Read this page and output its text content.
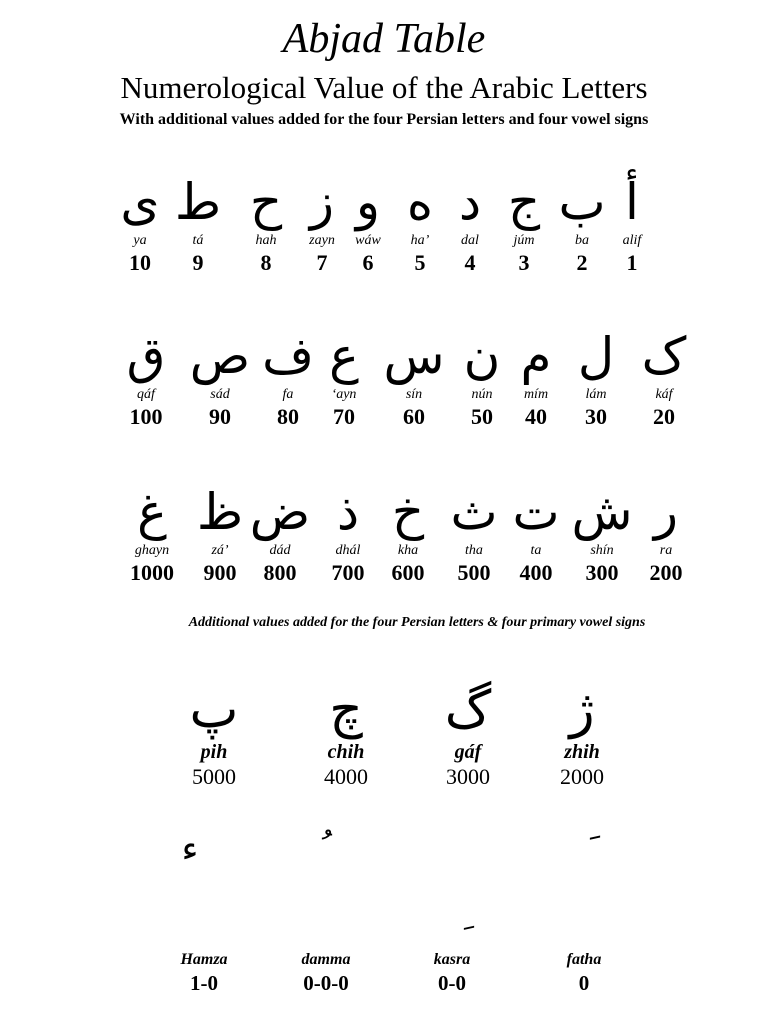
Abjad Table
Numerological Value of the Arabic Letters
With additional values added for the four Persian letters and four vowel signs
ى
ya
10
ط
tá
9
ح
hah
8
ز
zayn
7
و
wáw
6
ه
ha’
5
د
dal
4
ج
júm
3
ب
ba
2
أ
alif
1
ق
qáf
100
ص
sád
90
ف
fa
80
ع
‘ayn
70
س
sín
60
ن
nún
50
م
mím
40
ل
lám
30
ک
káf
20
غ
ghayn
1000
ظ
zá’
900
ض
dád
800
ذ
dhál
700
خ
kha
600
ث
tha
500
ت
ta
400
ش
shín
300
ر
ra
200
Additional values added for the four Persian letters & four primary vowel signs
پ
pih
5000
چ
chih
4000
گ
gáf
3000
ژ
zhih
2000
ء
Hamza
1-0
damma
0-0-0
kasra
0-0
fatha
0
